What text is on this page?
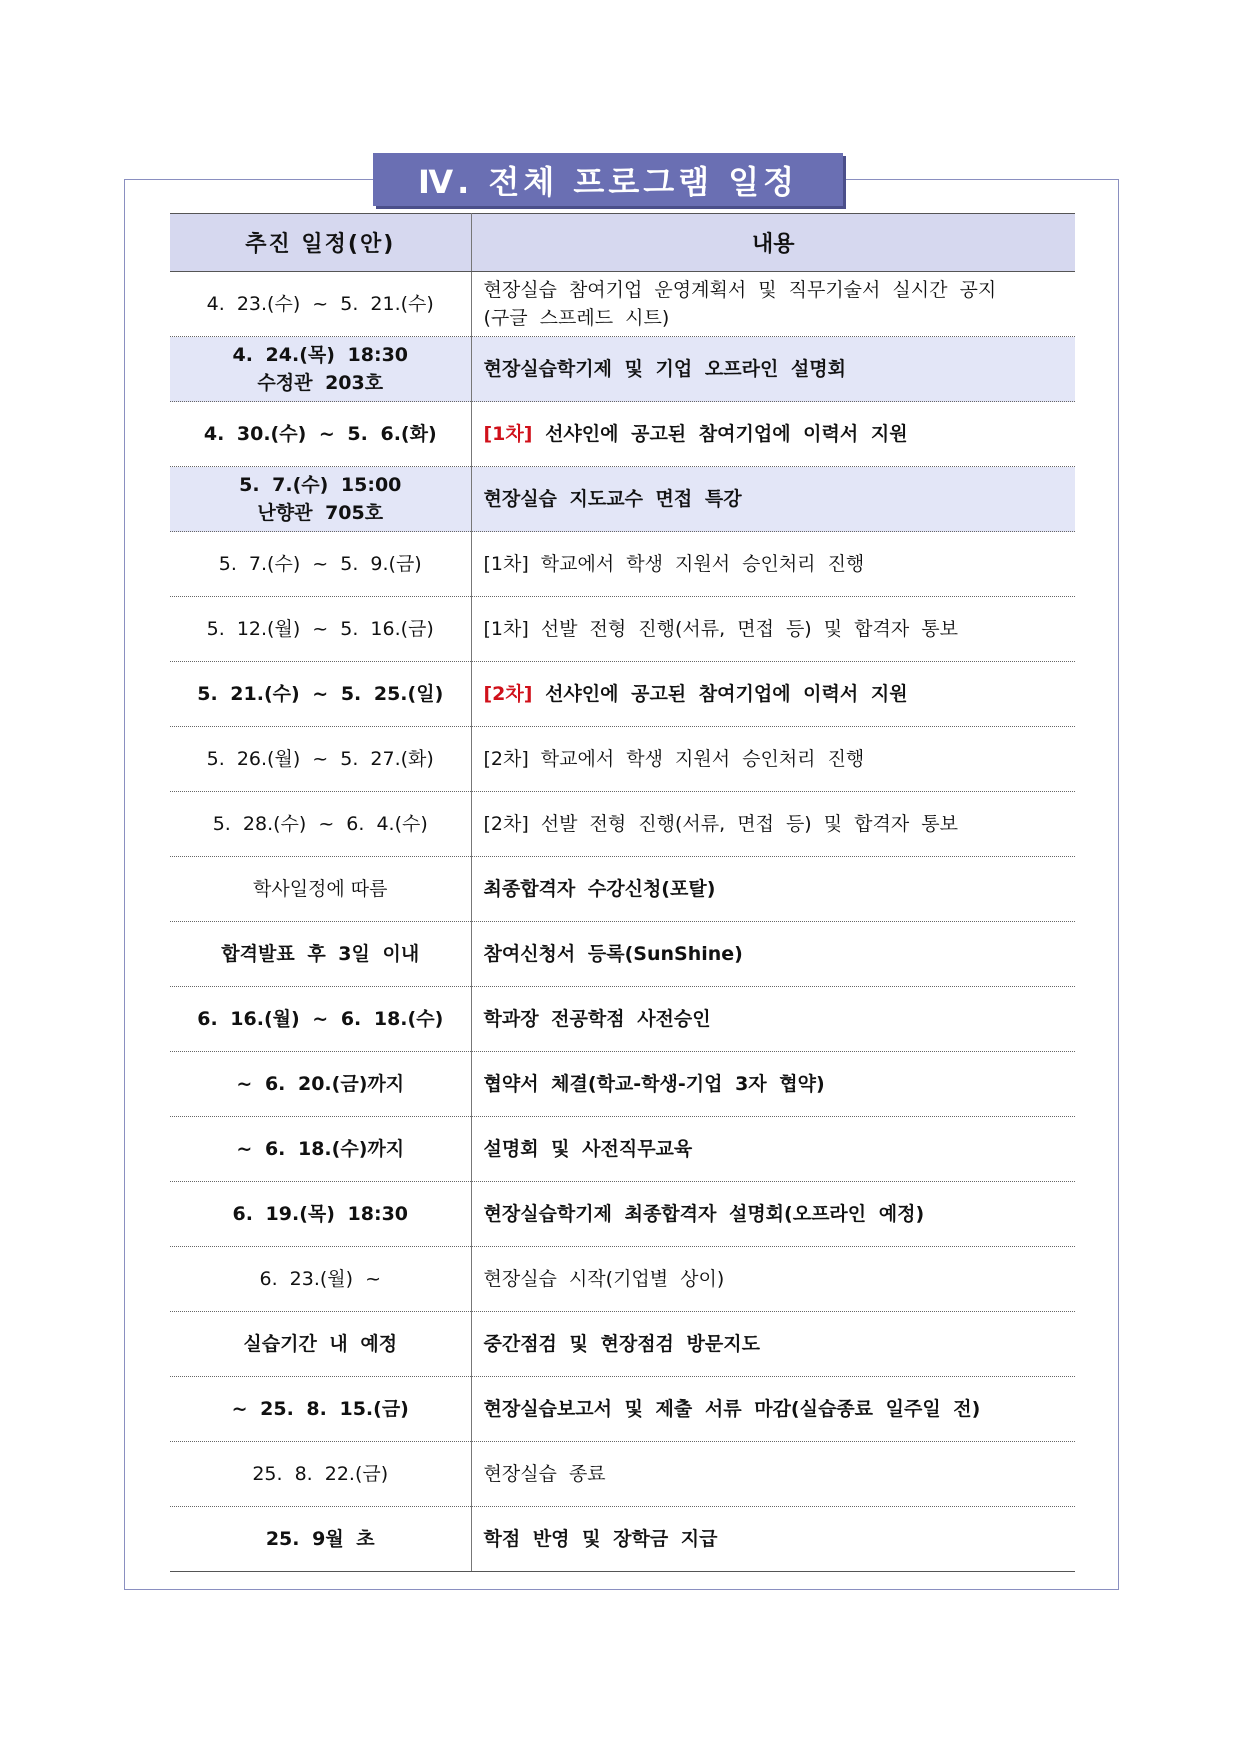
Ⅳ. 전체 프로그램 일정
추진 일정(안)	내용
4. 23.(수) ~ 5. 21.(수)	현장실습 참여기업 운영계획서 및 직무기술서 실시간 공지
(구글 스프레드 시트)
4. 24.(목) 18:30
수정관 203호	현장실습학기제 및 기업 오프라인 설명회
4. 30.(수) ~ 5. 6.(화)	[1차] 선샤인에 공고된 참여기업에 이력서 지원
5. 7.(수) 15:00
난향관 705호	현장실습 지도교수 면접 특강
5. 7.(수) ~ 5. 9.(금)	[1차] 학교에서 학생 지원서 승인처리 진행
5. 12.(월) ~ 5. 16.(금)	[1차] 선발 전형 진행(서류, 면접 등) 및 합격자 통보
5. 21.(수) ~ 5. 25.(일)	[2차] 선샤인에 공고된 참여기업에 이력서 지원
5. 26.(월) ~ 5. 27.(화)	[2차] 학교에서 학생 지원서 승인처리 진행
5. 28.(수) ~ 6. 4.(수)	[2차] 선발 전형 진행(서류, 면접 등) 및 합격자 통보
학사일정에 따름	최종합격자 수강신청(포탈)
합격발표 후 3일 이내	참여신청서 등록(SunShine)
6. 16.(월) ~ 6. 18.(수)	학과장 전공학점 사전승인
~ 6. 20.(금)까지	협약서 체결(학교-학생-기업 3자 협약)
~ 6. 18.(수)까지	설명회 및 사전직무교육
6. 19.(목) 18:30	현장실습학기제 최종합격자 설명회(오프라인 예정)
6. 23.(월) ~	현장실습 시작(기업별 상이)
실습기간 내 예정	중간점검 및 현장점검 방문지도
~ 25. 8. 15.(금)	현장실습보고서 및 제출 서류 마감(실습종료 일주일 전)
25. 8. 22.(금)	현장실습 종료
25. 9월 초	학점 반영 및 장학금 지급
